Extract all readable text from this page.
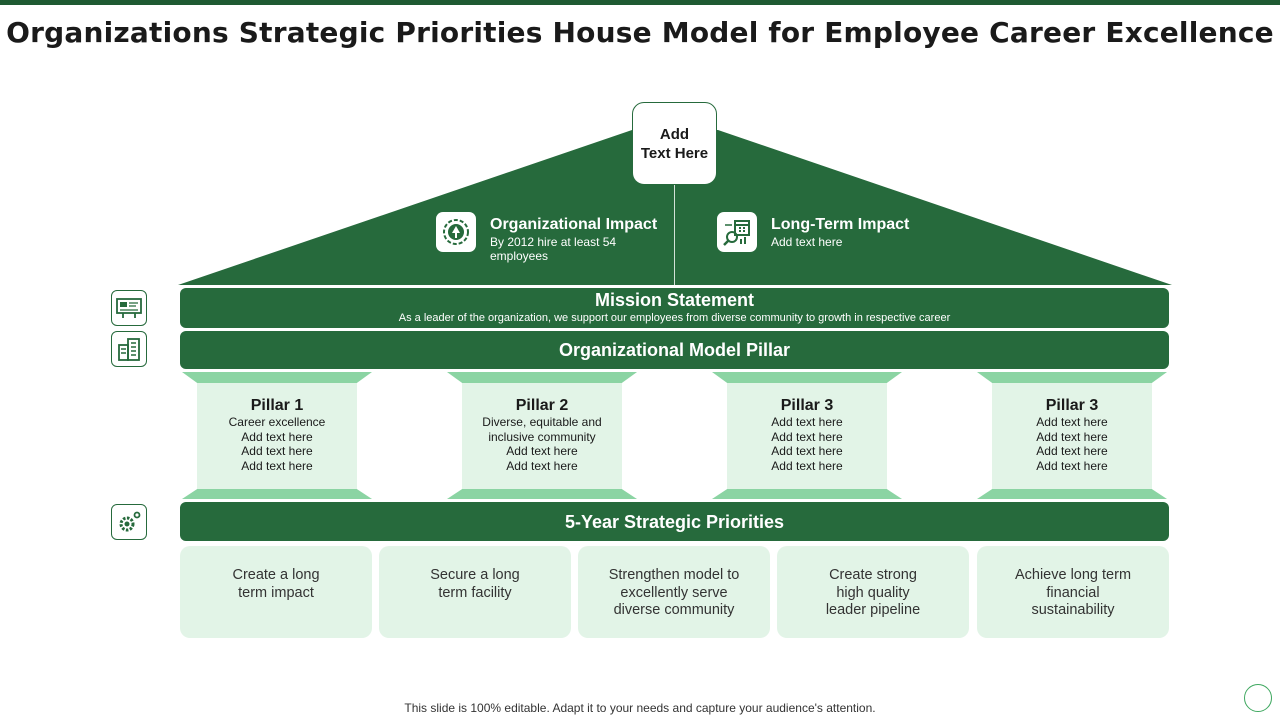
Organizations Strategic Priorities House Model for Employee Career Excellence
Add
Text Here
Organizational Impact
By 2012 hire at least 54 employees
Long-Term Impact
Add text here
Mission Statement
As a leader of the organization, we support our employees from diverse community to growth in respective career
Organizational Model Pillar
Pillar 1
Career excellence
Add text here
Add text here
Add text here
Pillar 2
Diverse, equitable and
inclusive community
Add text here
Add text here
Pillar 3
Add text here
Add text here
Add text here
Add text here
Pillar 3
Add text here
Add text here
Add text here
Add text here
5-Year Strategic Priorities
Create a long
term impact
Secure a long
term facility
Strengthen model to
excellently serve
diverse community
Create strong
high quality
leader pipeline
Achieve long term
financial
sustainability
This slide is 100% editable. Adapt it to your needs and capture your audience's attention.
